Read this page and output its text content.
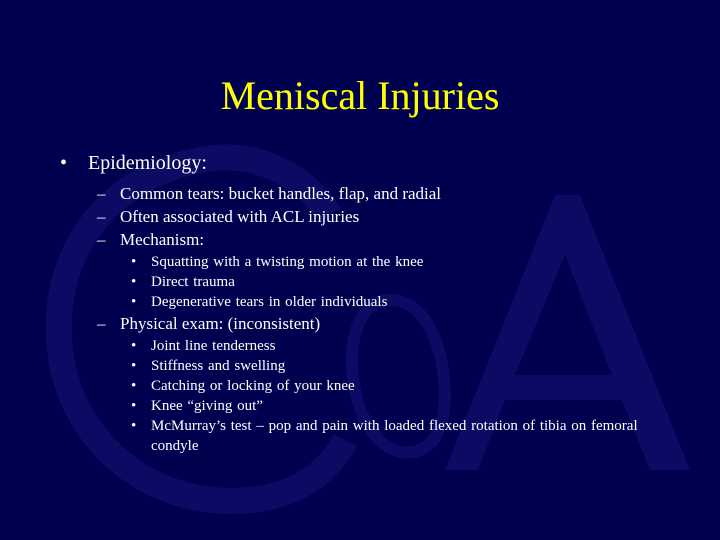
Meniscal Injuries
• Epidemiology:
– Common tears: bucket handles, flap, and radial
– Often associated with ACL injuries
– Mechanism:
• Squatting with a twisting motion at the knee
• Direct trauma
• Degenerative tears in older individuals
– Physical exam: (inconsistent)
• Joint line tenderness
• Stiffness and swelling
• Catching or locking of your knee
• Knee “giving out”
• McMurray’s test – pop and pain with loaded flexed rotation of tibia on femoral condyle
